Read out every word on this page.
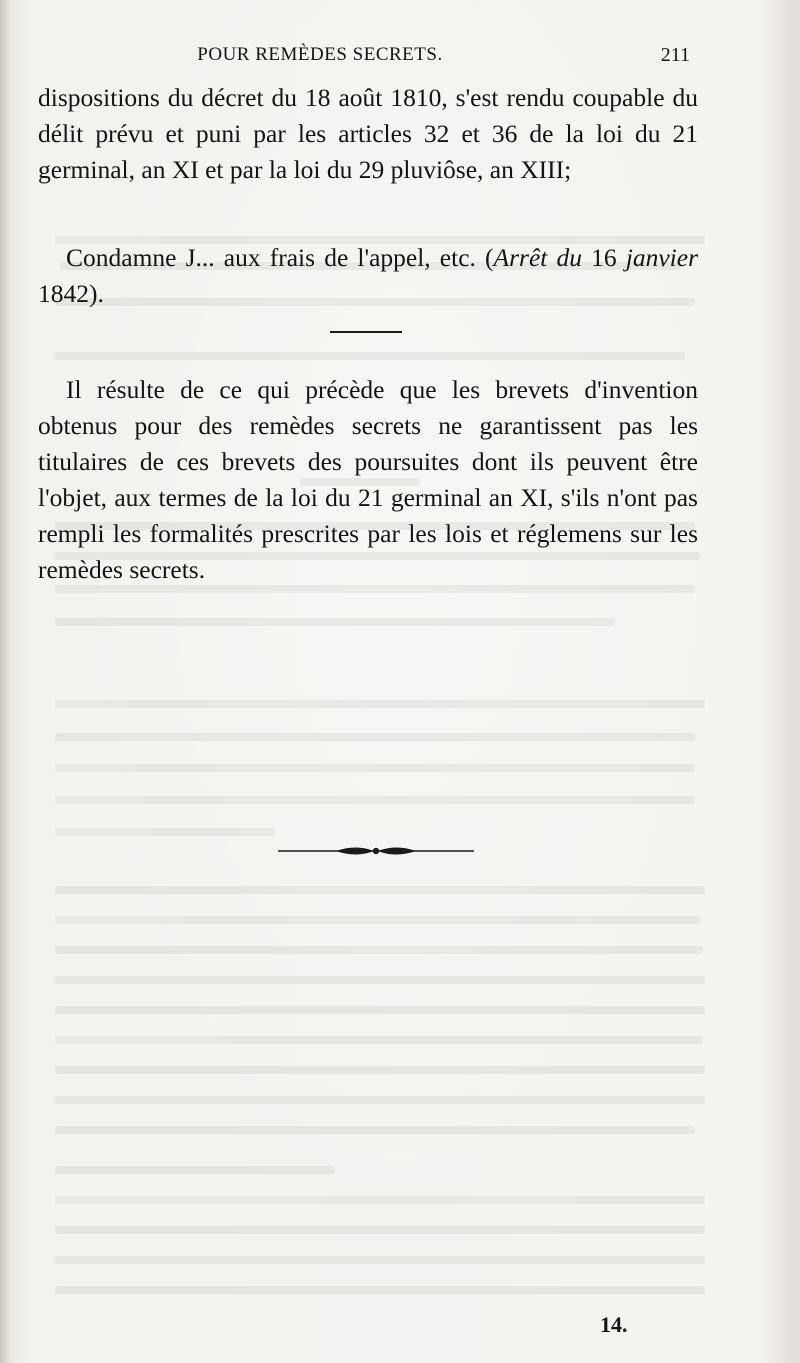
POUR REMÈDES SECRETS.	211

dispositions du décret du 18 août 1810, s'est rendu coupable du délit prévu et puni par les articles 32 et 36 de la loi du 21 germinal, an XI et par la loi du 29 pluviôse, an XIII;

Condamne J... aux frais de l'appel, etc. (Arrêt du 16 janvier 1842).

Il résulte de ce qui précède que les brevets d'invention obtenus pour des remèdes secrets ne garantissent pas les titulaires de ces brevets des poursuites dont ils peuvent être l'objet, aux termes de la loi du 21 germinal an XI, s'ils n'ont pas rempli les formalités prescrites par les lois et réglemens sur les remèdes secrets.

14.
